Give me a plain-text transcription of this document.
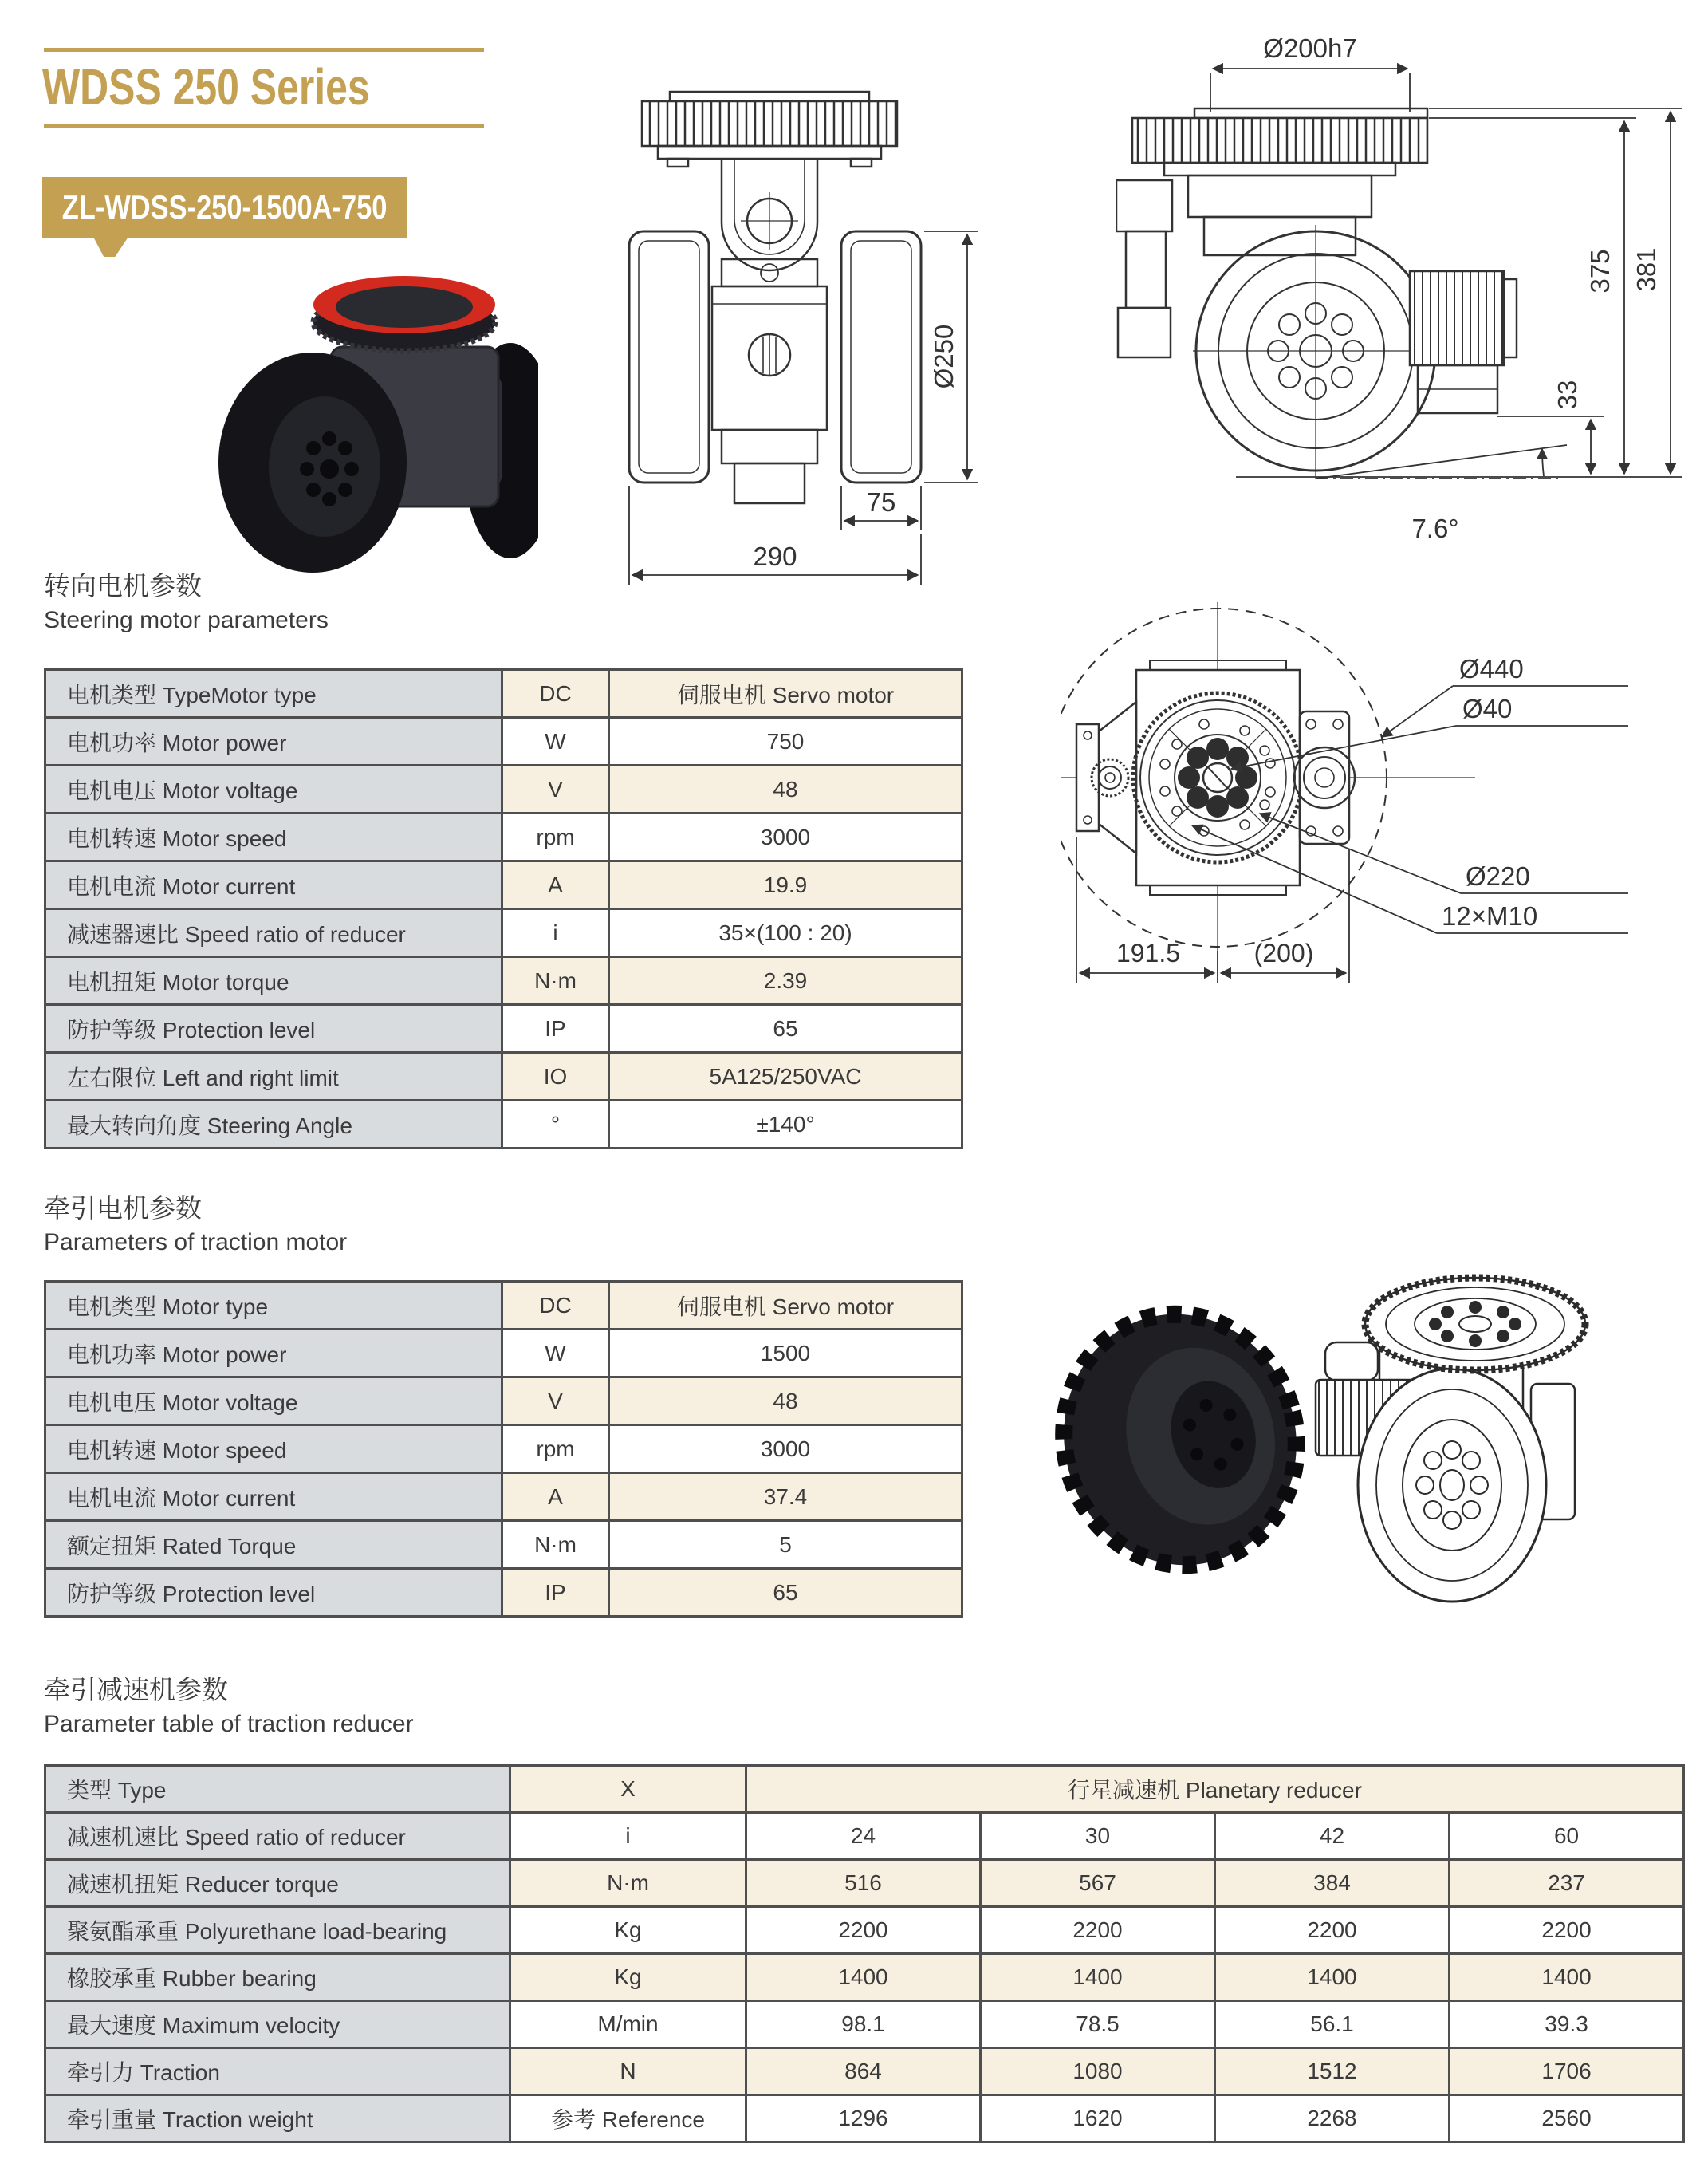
WDSS 250 Series
ZL-WDSS-250-1500A-750
Ø250
75
290
Ø200h7
375 381
33
7.6°
Ø440
Ø40
Ø220
12×M10
191.5	(200)
转向电机参数
Steering motor parameters
电机类型 TypeMotor type	DC	伺服电机 Servo motor
电机功率 Motor power	W	750
电机电压 Motor voltage	V	48
电机转速 Motor speed	rpm	3000
电机电流 Motor current	A	19.9
减速器速比 Speed ratio of reducer	i	35×(100 : 20)
电机扭矩 Motor torque	N·m	2.39
防护等级 Protection level	IP	65
左右限位 Left and right limit	IO	5A125/250VAC
最大转向角度 Steering Angle	°	±140°
牵引电机参数
Parameters of traction motor
电机类型 Motor type	DC	伺服电机 Servo motor
电机功率 Motor power	W	1500
电机电压 Motor voltage	V	48
电机转速 Motor speed	rpm	3000
电机电流 Motor current	A	37.4
额定扭矩 Rated Torque	N·m	5
防护等级 Protection level	IP	65
牵引减速机参数
Parameter table of traction reducer
类型 Type	X	行星减速机 Planetary reducer			
减速机速比 Speed ratio of reducer	i	24	30	42	60
减速机扭矩 Reducer torque	N·m	516	567	384	237
聚氨酯承重 Polyurethane load-bearing	Kg	2200	2200	2200	2200
橡胶承重 Rubber bearing	Kg	1400	1400	1400	1400
最大速度 Maximum velocity	M/min	98.1	78.5	56.1	39.3
牵引力 Traction	N	864	1080	1512	1706
牵引重量 Traction weight	参考 Reference	1296	1620	2268	2560
